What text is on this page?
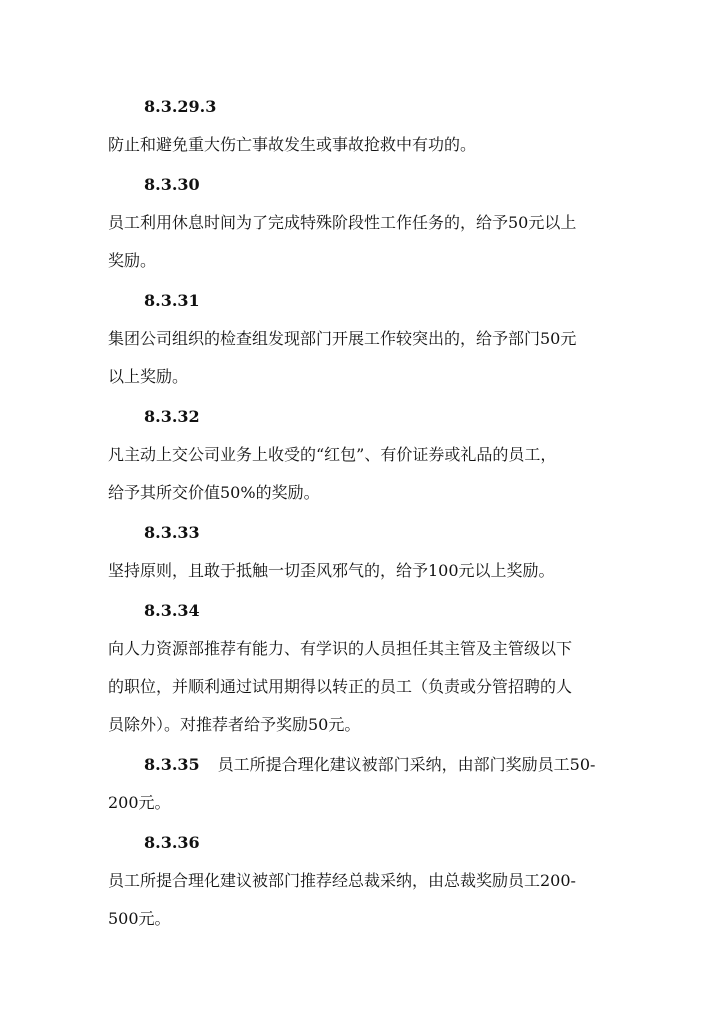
8.3.29.3
防止和避免重大伤亡事故发生或事故抢救中有功的。
8.3.30
员工利用休息时间为了完成特殊阶段性工作任务的，给予50元以上
奖励。
8.3.31
集团公司组织的检查组发现部门开展工作较突出的，给予部门50元
以上奖励。
8.3.32
凡主动上交公司业务上收受的“红包”、有价证券或礼品的员工，
给予其所交价值50%的奖励。
8.3.33
坚持原则，且敢于抵触一切歪风邪气的，给予100元以上奖励。
8.3.34
向人力资源部推荐有能力、有学识的人员担任其主管及主管级以下
的职位，并顺利通过试用期得以转正的员工（负责或分管招聘的人
员除外）。对推荐者给予奖励50元。
8.3.35 员工所提合理化建议被部门采纳，由部门奖励员工50-
200元。
8.3.36
员工所提合理化建议被部门推荐经总裁采纳，由总裁奖励员工200-
500元。
